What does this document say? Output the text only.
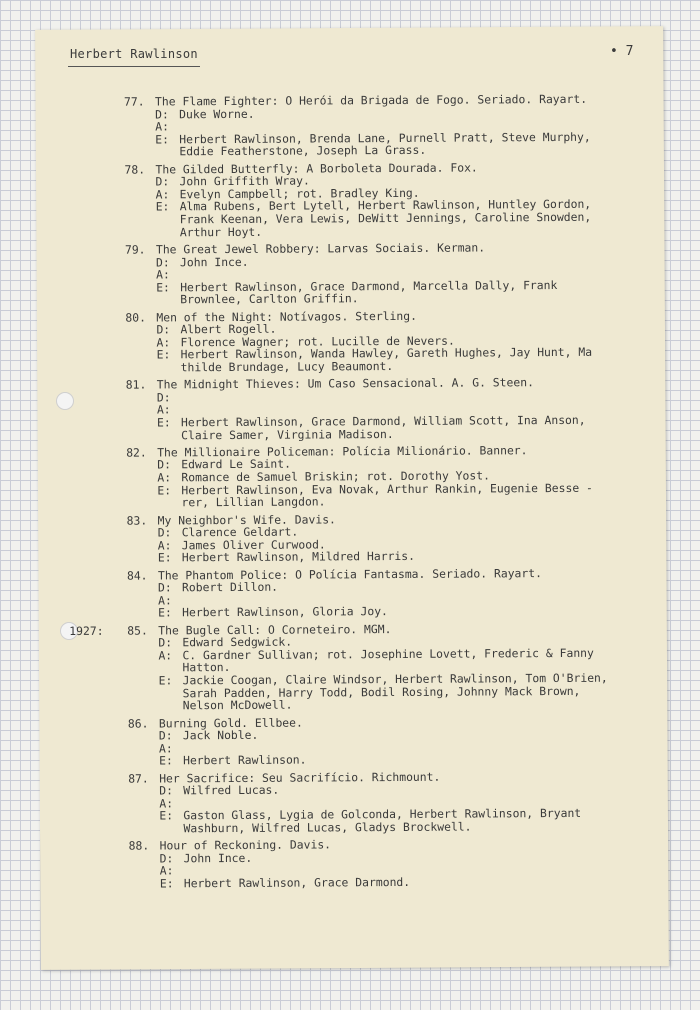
Herbert Rawlinson	• 7
77. The Flame Fighter: O Herói da Brigada de Fogo. Seriado. Rayart.
D: Duke Worne.
A:
E: Herbert Rawlinson, Brenda Lane, Purnell Pratt, Steve Murphy,
Eddie Featherstone, Joseph La Grass.
78. The Gilded Butterfly: A Borboleta Dourada. Fox.
D: John Griffith Wray.
A: Evelyn Campbell; rot. Bradley King.
E: Alma Rubens, Bert Lytell, Herbert Rawlinson, Huntley Gordon,
Frank Keenan, Vera Lewis, DeWitt Jennings, Caroline Snowden,
Arthur Hoyt.
79. The Great Jewel Robbery: Larvas Sociais. Kerman.
D: John Ince.
A:
E: Herbert Rawlinson, Grace Darmond, Marcella Dally, Frank
Brownlee, Carlton Griffin.
80. Men of the Night: Notívagos. Sterling.
D: Albert Rogell.
A: Florence Wagner; rot. Lucille de Nevers.
E: Herbert Rawlinson, Wanda Hawley, Gareth Hughes, Jay Hunt, Ma
thilde Brundage, Lucy Beaumont.
81. The Midnight Thieves: Um Caso Sensacional. A. G. Steen.
D:
A:
E: Herbert Rawlinson, Grace Darmond, William Scott, Ina Anson,
Claire Samer, Virginia Madison.
82. The Millionaire Policeman: Polícia Milionário. Banner.
D: Edward Le Saint.
A: Romance de Samuel Briskin; rot. Dorothy Yost.
E: Herbert Rawlinson, Eva Novak, Arthur Rankin, Eugenie Besse -
rer, Lillian Langdon.
83. My Neighbor's Wife. Davis.
D: Clarence Geldart.
A: James Oliver Curwood.
E: Herbert Rawlinson, Mildred Harris.
84. The Phantom Police: O Polícia Fantasma. Seriado. Rayart.
D: Robert Dillon.
A:
E: Herbert Rawlinson, Gloria Joy.
1927: 85. The Bugle Call: O Corneteiro. MGM.
D: Edward Sedgwick.
A: C. Gardner Sullivan; rot. Josephine Lovett, Frederic & Fanny
Hatton.
E: Jackie Coogan, Claire Windsor, Herbert Rawlinson, Tom O'Brien,
Sarah Padden, Harry Todd, Bodil Rosing, Johnny Mack Brown,
Nelson McDowell.
86. Burning Gold. Ellbee.
D: Jack Noble.
A:
E: Herbert Rawlinson.
87. Her Sacrifice: Seu Sacrifício. Richmount.
D: Wilfred Lucas.
A:
E: Gaston Glass, Lygia de Golconda, Herbert Rawlinson, Bryant
Washburn, Wilfred Lucas, Gladys Brockwell.
88. Hour of Reckoning. Davis.
D: John Ince.
A:
E: Herbert Rawlinson, Grace Darmond.
